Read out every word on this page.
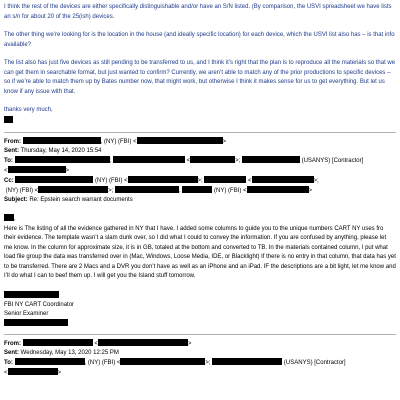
I think the rest of the devices are either specifically distinguishable and/or have an S/N listed. (By comparison, the USVI spreadsheet we have lists an s/n for about 20 of the 25(ish) devices.

The other thing we’re looking for is the location in the house (and ideally specific location) for each device, which the USVI list also has – is that info available?

The list also has just five devices as still pending to be transferred to us, and I think it’s right that the plan is to reproduce all the materials so that we can get them in searchable format, but just wanted to confirm? Currently, we aren’t able to match any of the prior productions to specific devices – so if we’re able to match them up by Bates number now, that might work, but otherwise I think it makes sense for us to get everything. But let us know if any issue with that.

thanks very much,
From:	, (NY) (FBI) <	>
Sent: Thursday, May 14, 2020 15:54
To:	;	<	>;	(USANYS) [Contractor]
<	>
Cc:	(NY) (FBI) <	>;	<	>;
(NY) (FBI) <	>;	,	(NY) (FBI) <	>
Subject: Re: Epstein search warrant documents
,

Here is The listing of all the evidence gathered in NY that I have. I added some columns to guide you to the unique numbers CART NY uses fro their evidence. The template wasn’t a slam dunk over, so I did what I could to convey the information. If you are confused by anything, please let me know. In the column for approximate size, it is in GB, totaled at the bottom and converted to TB. In the materials contained column, I put what load file group the data was transferred over in (Mac, Windows, Loose Media, IDE, or Blacklight) If there is no entry in that column, that data has yet to be transferred. There are 2 Macs and a DVR you don’t have as well as an iPhone and an iPad. IF the descriptions are a bit light, let me know and I’ll do what I can to beef them up. I will get you the Island stuff tomorrow.

FBI NY CART Coordinator
Senior Examiner
From:	<	>
Sent: Wednesday, May 13, 2020 12:25 PM
To:	, (NY) (FBI) <	>;	(USANYS) [Contractor]
<	>
